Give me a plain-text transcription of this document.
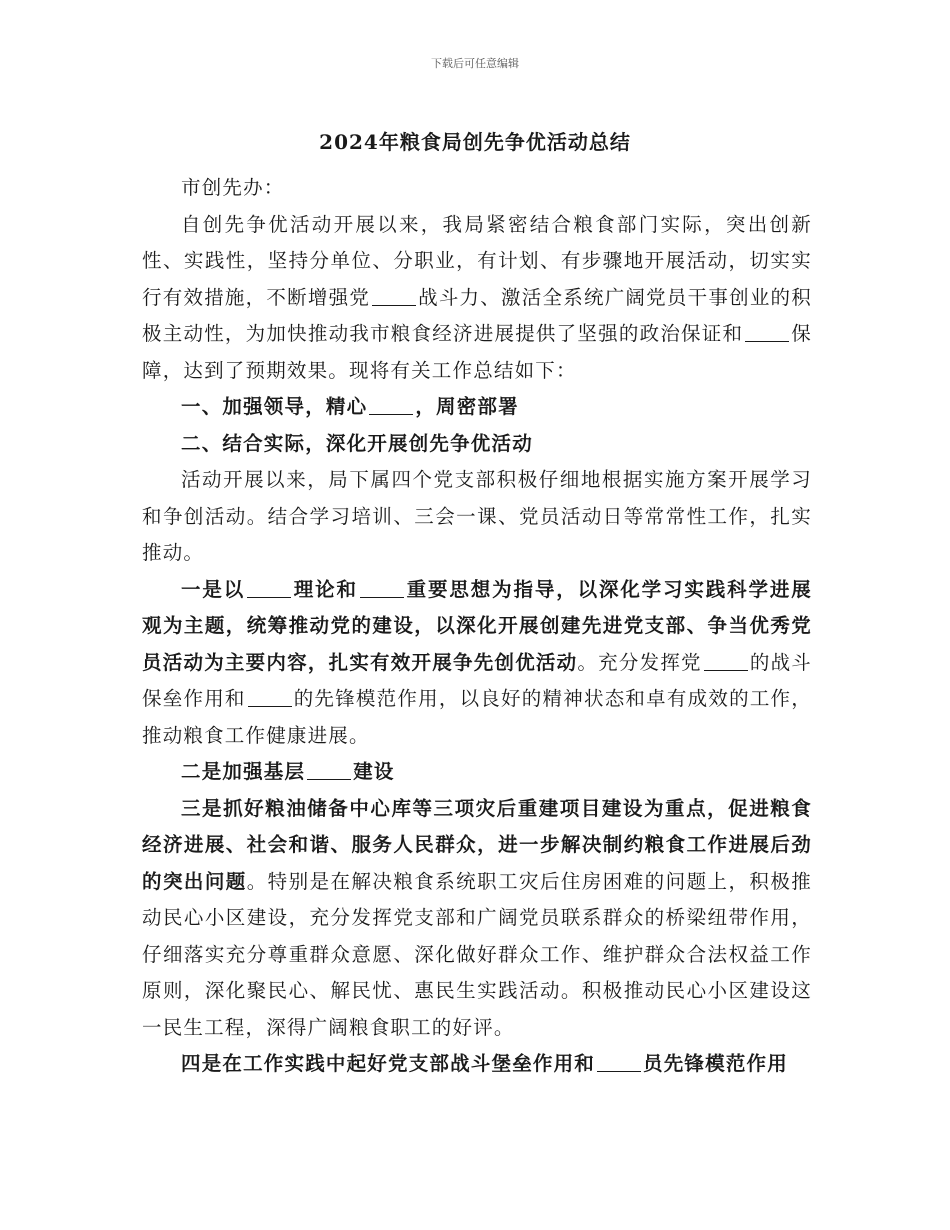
下载后可任意编辑
2024年粮食局创先争优活动总结

市创先办：

自创先争优活动开展以来，我局紧密结合粮食部门实际，突出创新性、实践性，坚持分单位、分职业，有计划、有步骤地开展活动，切实实行有效措施，不断增强党 战斗力、激活全系统广阔党员干事创业的积极主动性，为加快推动我市粮食经济进展提供了坚强的政治保证和 保障，达到了预期效果。现将有关工作总结如下：

一、加强领导，精心 ，周密部署

二、结合实际，深化开展创先争优活动

活动开展以来，局下属四个党支部积极仔细地根据实施方案开展学习和争创活动。结合学习培训、三会一课、党员活动日等常常性工作，扎实推动。

一是以 理论和 重要思想为指导，以深化学习实践科学进展观为主题，统筹推动党的建设，以深化开展创建先进党支部、争当优秀党员活动为主要内容，扎实有效开展争先创优活动。充分发挥党 的战斗保垒作用和 的先锋模范作用，以良好的精神状态和卓有成效的工作，推动粮食工作健康进展。

二是加强基层 建设

三是抓好粮油储备中心库等三项灾后重建项目建设为重点，促进粮食经济进展、社会和谐、服务人民群众，进一步解决制约粮食工作进展后劲的突出问题。特别是在解决粮食系统职工灾后住房困难的问题上，积极推动民心小区建设，充分发挥党支部和广阔党员联系群众的桥梁纽带作用，仔细落实充分尊重群众意愿、深化做好群众工作、维护群众合法权益工作原则，深化聚民心、解民忧、惠民生实践活动。积极推动民心小区建设这一民生工程，深得广阔粮食职工的好评。

四是在工作实践中起好党支部战斗堡垒作用和 员先锋模范作用
